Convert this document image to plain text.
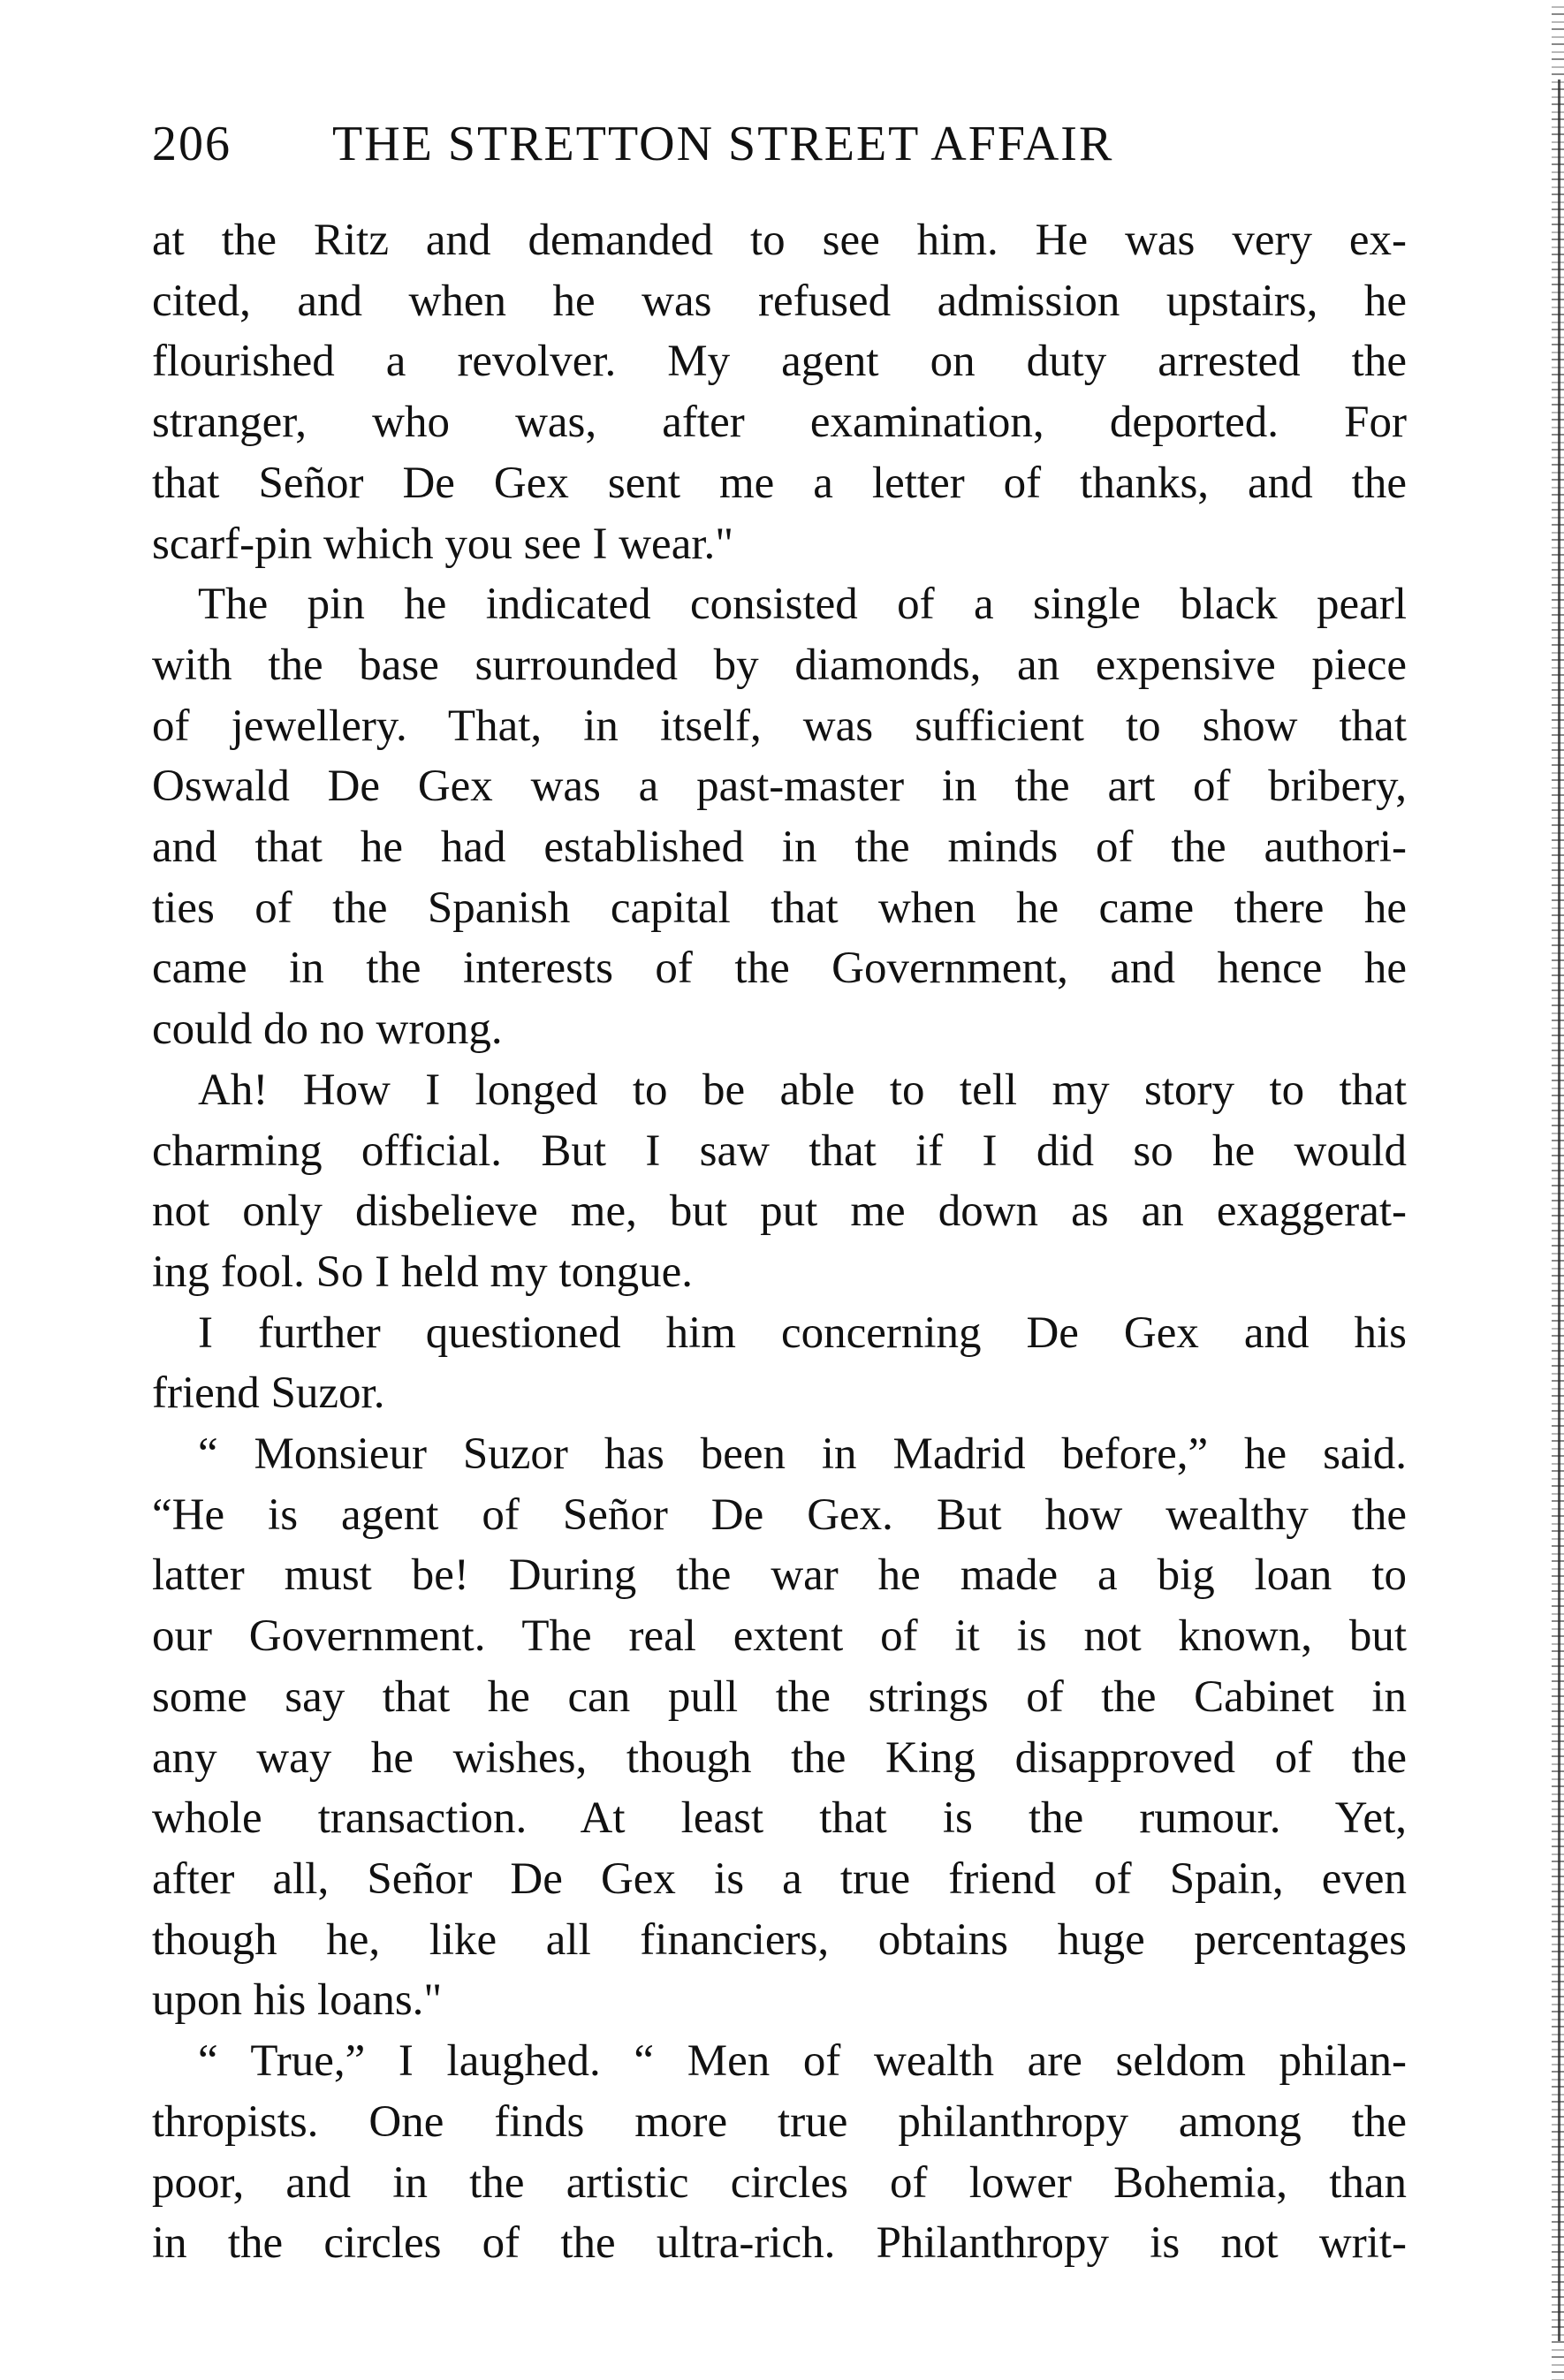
206 THE STRETTON STREET AFFAIR

at the Ritz and demanded to see him. He was very ex-
cited, and when he was refused admission upstairs, he
flourished a revolver. My agent on duty arrested the
stranger, who was, after examination, deported. For
that Señor De Gex sent me a letter of thanks, and the
scarf-pin which you see I wear."

The pin he indicated consisted of a single black pearl
with the base surrounded by diamonds, an expensive piece
of jewellery. That, in itself, was sufficient to show that
Oswald De Gex was a past-master in the art of bribery,
and that he had established in the minds of the authori-
ties of the Spanish capital that when he came there he
came in the interests of the Government, and hence he
could do no wrong.

Ah! How I longed to be able to tell my story to that
charming official. But I saw that if I did so he would
not only disbelieve me, but put me down as an exaggerat-
ing fool. So I held my tongue.

I further questioned him concerning De Gex and his
friend Suzor.

“ Monsieur Suzor has been in Madrid before,” he said.
“He is agent of Señor De Gex. But how wealthy the
latter must be! During the war he made a big loan to
our Government. The real extent of it is not known, but
some say that he can pull the strings of the Cabinet in
any way he wishes, though the King disapproved of the
whole transaction. At least that is the rumour. Yet,
after all, Señor De Gex is a true friend of Spain, even
though he, like all financiers, obtains huge percentages
upon his loans."

“ True,” I laughed. “ Men of wealth are seldom philan-
thropists. One finds more true philanthropy among the
poor, and in the artistic circles of lower Bohemia, than
in the circles of the ultra-rich. Philanthropy is not writ-
